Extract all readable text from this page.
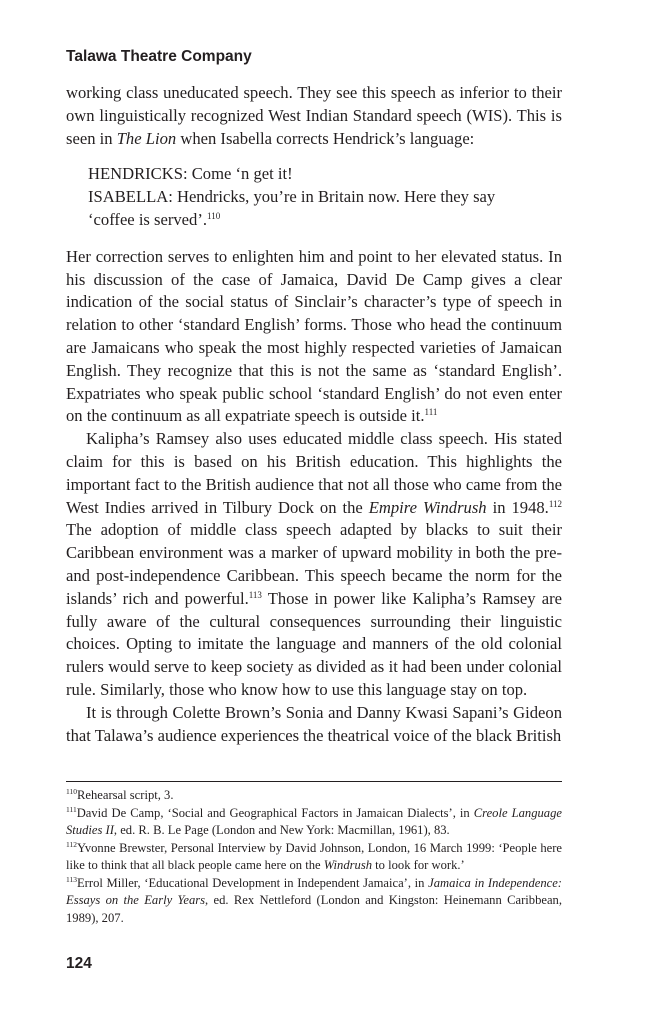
Talawa Theatre Company

working class uneducated speech. They see this speech as inferior to their own linguistically recognized West Indian Standard speech (WIS). This is seen in The Lion when Isabella corrects Hendrick’s language:

HENDRICKS: Come ‘n get it!
ISABELLA: Hendricks, you’re in Britain now. Here they say
‘coffee is served’.$^{110}$

Her correction serves to enlighten him and point to her elevated status. In his discussion of the case of Jamaica, David De Camp gives a clear indication of the social status of Sinclair’s character’s type of speech in relation to other ‘standard English’ forms. Those who head the continuum are Jamaicans who speak the most highly respected varieties of Jamaican English. They recognize that this is not the same as ‘standard English’. Expatriates who speak public school ‘standard English’ do not even enter on the continuum as all expatriate speech is outside it.$^{111}$

Kalipha’s Ramsey also uses educated middle class speech. His stated claim for this is based on his British education. This highlights the important fact to the British audience that not all those who came from the West Indies arrived in Tilbury Dock on the Empire Windrush in 1948.$^{112}$ The adoption of middle class speech adapted by blacks to suit their Caribbean environment was a marker of upward mobility in both the pre- and post-independence Caribbean. This speech became the norm for the islands’ rich and powerful.$^{113}$ Those in power like Kalipha’s Ramsey are fully aware of the cultural consequences surrounding their linguistic choices. Opting to imitate the language and manners of the old colonial rulers would serve to keep society as divided as it had been under colonial rule. Similarly, those who know how to use this language stay on top.

It is through Colette Brown’s Sonia and Danny Kwasi Sapani’s Gideon that Talawa’s audience experiences the theatrical voice of the black British

$^{110}$Rehearsal script, 3.

$^{111}$David De Camp, ‘Social and Geographical Factors in Jamaican Dialects’, in Creole Language Studies II, ed. R. B. Le Page (London and New York: Macmillan, 1961), 83.

$^{112}$Yvonne Brewster, Personal Interview by David Johnson, London, 16 March 1999: ‘People here like to think that all black people came here on the Windrush to look for work.’

$^{113}$Errol Miller, ‘Educational Development in Independent Jamaica’, in Jamaica in Independence: Essays on the Early Years, ed. Rex Nettleford (London and Kingston: Heinemann Caribbean, 1989), 207.

124
